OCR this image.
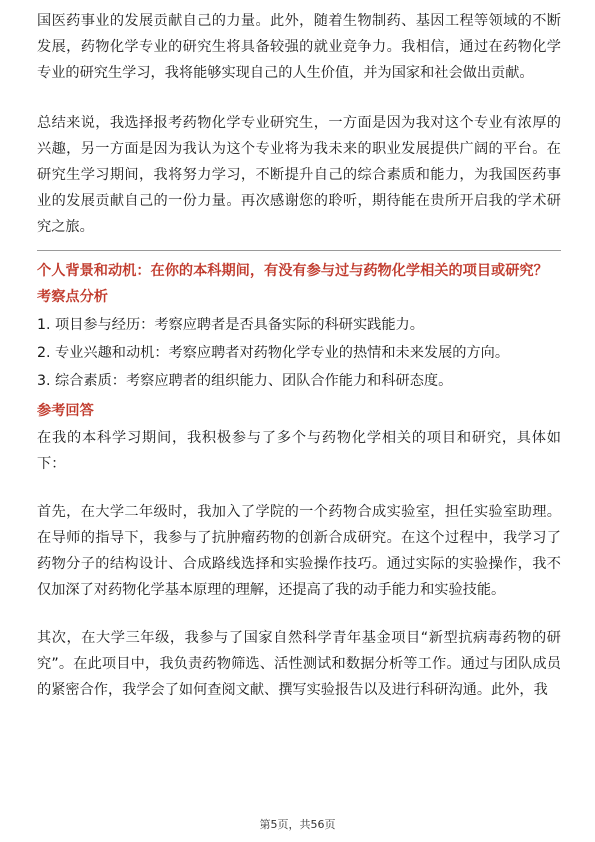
国医药事业的发展贡献自己的力量。此外，随着生物制药、基因工程等领域的不断发展，药物化学专业的研究生将具备较强的就业竞争力。我相信，通过在药物化学专业的研究生学习，我将能够实现自己的人生价值，并为国家和社会做出贡献。

总结来说，我选择报考药物化学专业研究生，一方面是因为我对这个专业有浓厚的兴趣，另一方面是因为我认为这个专业将为我未来的职业发展提供广阔的平台。在研究生学习期间，我将努力学习，不断提升自己的综合素质和能力，为我国医药事业的发展贡献自己的一份力量。再次感谢您的聆听，期待能在贵所开启我的学术研究之旅。

个人背景和动机：在你的本科期间，有没有参与过与药物化学相关的项目或研究？

考察点分析

1. 项目参与经历：考察应聘者是否具备实际的科研实践能力。

2. 专业兴趣和动机：考察应聘者对药物化学专业的热情和未来发展的方向。

3. 综合素质：考察应聘者的组织能力、团队合作能力和科研态度。

参考回答

在我的本科学习期间，我积极参与了多个与药物化学相关的项目和研究，具体如下：

首先，在大学二年级时，我加入了学院的一个药物合成实验室，担任实验室助理。在导师的指导下，我参与了抗肿瘤药物的创新合成研究。在这个过程中，我学习了药物分子的结构设计、合成路线选择和实验操作技巧。通过实际的实验操作，我不仅加深了对药物化学基本原理的理解，还提高了我的动手能力和实验技能。

其次，在大学三年级，我参与了国家自然科学青年基金项目“新型抗病毒药物的研究”。在此项目中，我负责药物筛选、活性测试和数据分析等工作。通过与团队成员的紧密合作，我学会了如何查阅文献、撰写实验报告以及进行科研沟通。此外，我

第5页，共56页
